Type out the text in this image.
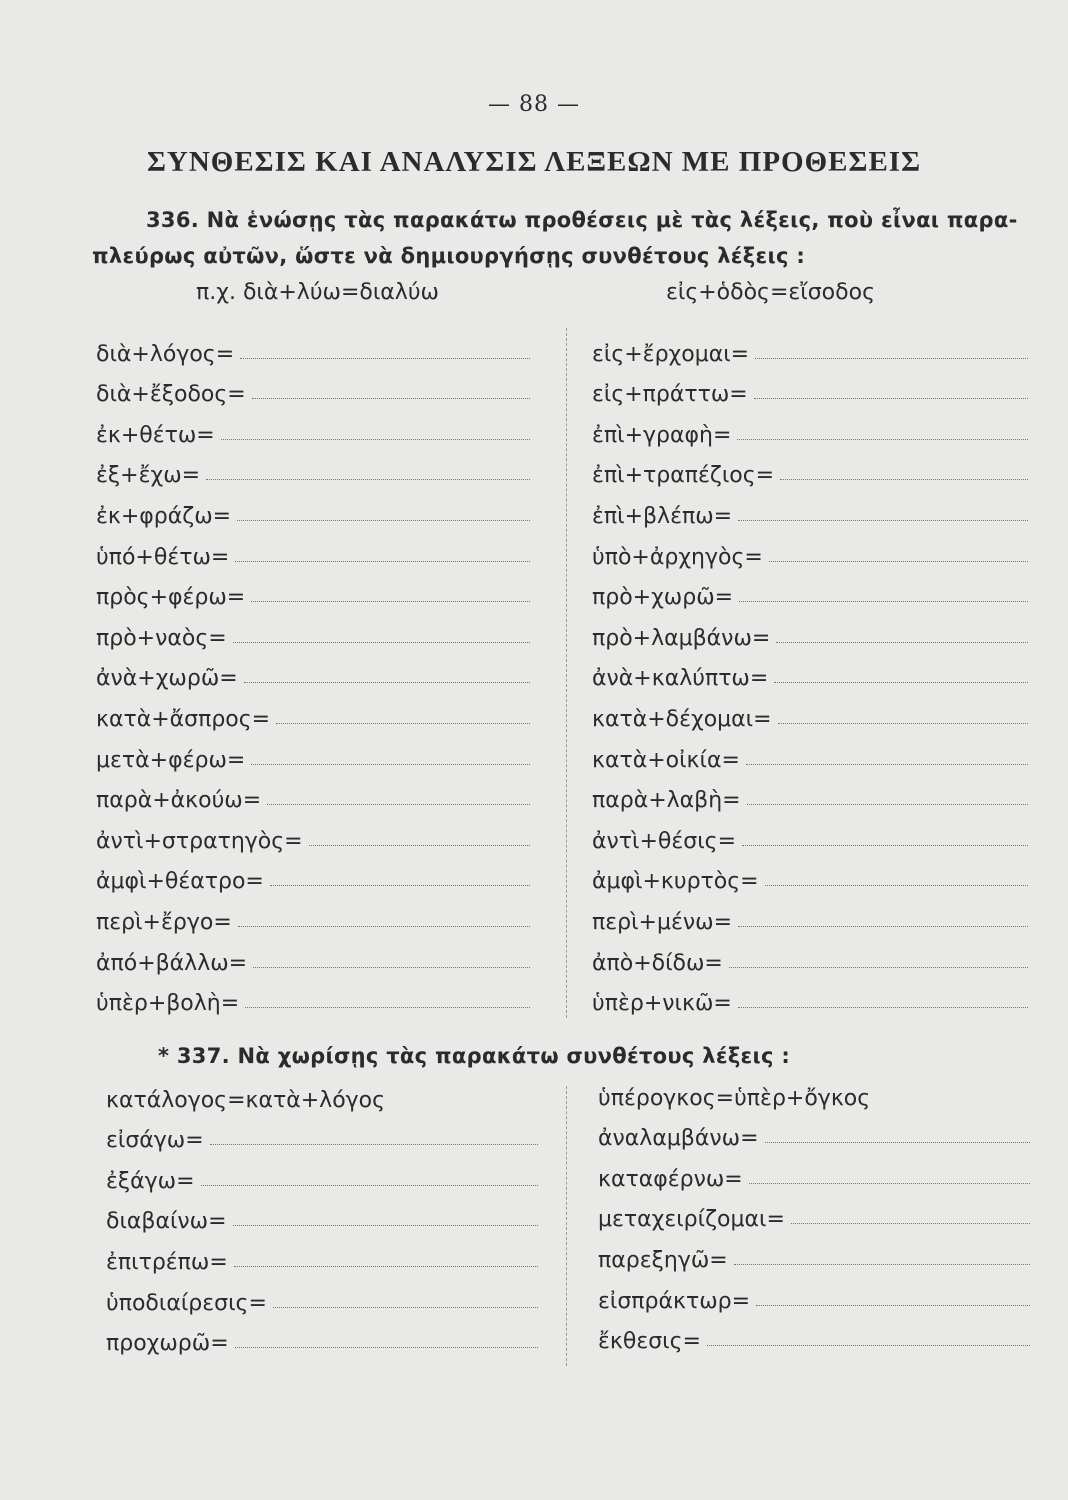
— 88 —
ΣΥΝΘΕΣΙΣ ΚΑΙ ΑΝΑΛΥΣΙΣ ΛΕΞΕΩΝ ΜΕ ΠΡΟΘΕΣΕΙΣ
336. Νὰ ἑνώσῃς τὰς παρακάτω προθέσεις μὲ τὰς λέξεις, ποὺ εἶναι παρα-
πλεύρως αὐτῶν, ὥστε νὰ δημιουργήσῃς συνθέτους λέξεις :
π.χ. διὰ+λύω=διαλύω	εἰς+ὁδὸς=εἴσοδος
διὰ+λόγος=
διὰ+ἔξοδος=
ἐκ+θέτω=
ἐξ+ἔχω=
ἐκ+φράζω=
ὑπό+θέτω=
πρὸς+φέρω=
πρὸ+ναὸς=
ἀνὰ+χωρῶ=
κατὰ+ἄσπρος=
μετὰ+φέρω=
παρὰ+ἀκούω=
ἀντὶ+στρατηγὸς=
ἀμφὶ+θέατρο=
περὶ+ἔργο=
ἀπό+βάλλω=
ὑπὲρ+βολὴ=
εἰς+ἔρχομαι=
εἰς+πράττω=
ἐπὶ+γραφὴ=
ἐπὶ+τραπέζιος=
ἐπὶ+βλέπω=
ὑπὸ+ἀρχηγὸς=
πρὸ+χωρῶ=
πρὸ+λαμβάνω=
ἀνὰ+καλύπτω=
κατὰ+δέχομαι=
κατὰ+οἰκία=
παρὰ+λαβὴ=
ἀντὶ+θέσις=
ἀμφὶ+κυρτὸς=
περὶ+μένω=
ἀπὸ+δίδω=
ὑπὲρ+νικῶ=
* 337. Νὰ χωρίσῃς τὰς παρακάτω συνθέτους λέξεις :
κατάλογος=κατὰ+λόγος
εἰσάγω=
ἐξάγω=
διαβαίνω=
ἐπιτρέπω=
ὑποδιαίρεσις=
προχωρῶ=
ὑπέρογκος=ὑπὲρ+ὄγκος
ἀναλαμβάνω=
καταφέρνω=
μεταχειρίζομαι=
παρεξηγῶ=
εἰσπράκτωρ=
ἔκθεσις=
